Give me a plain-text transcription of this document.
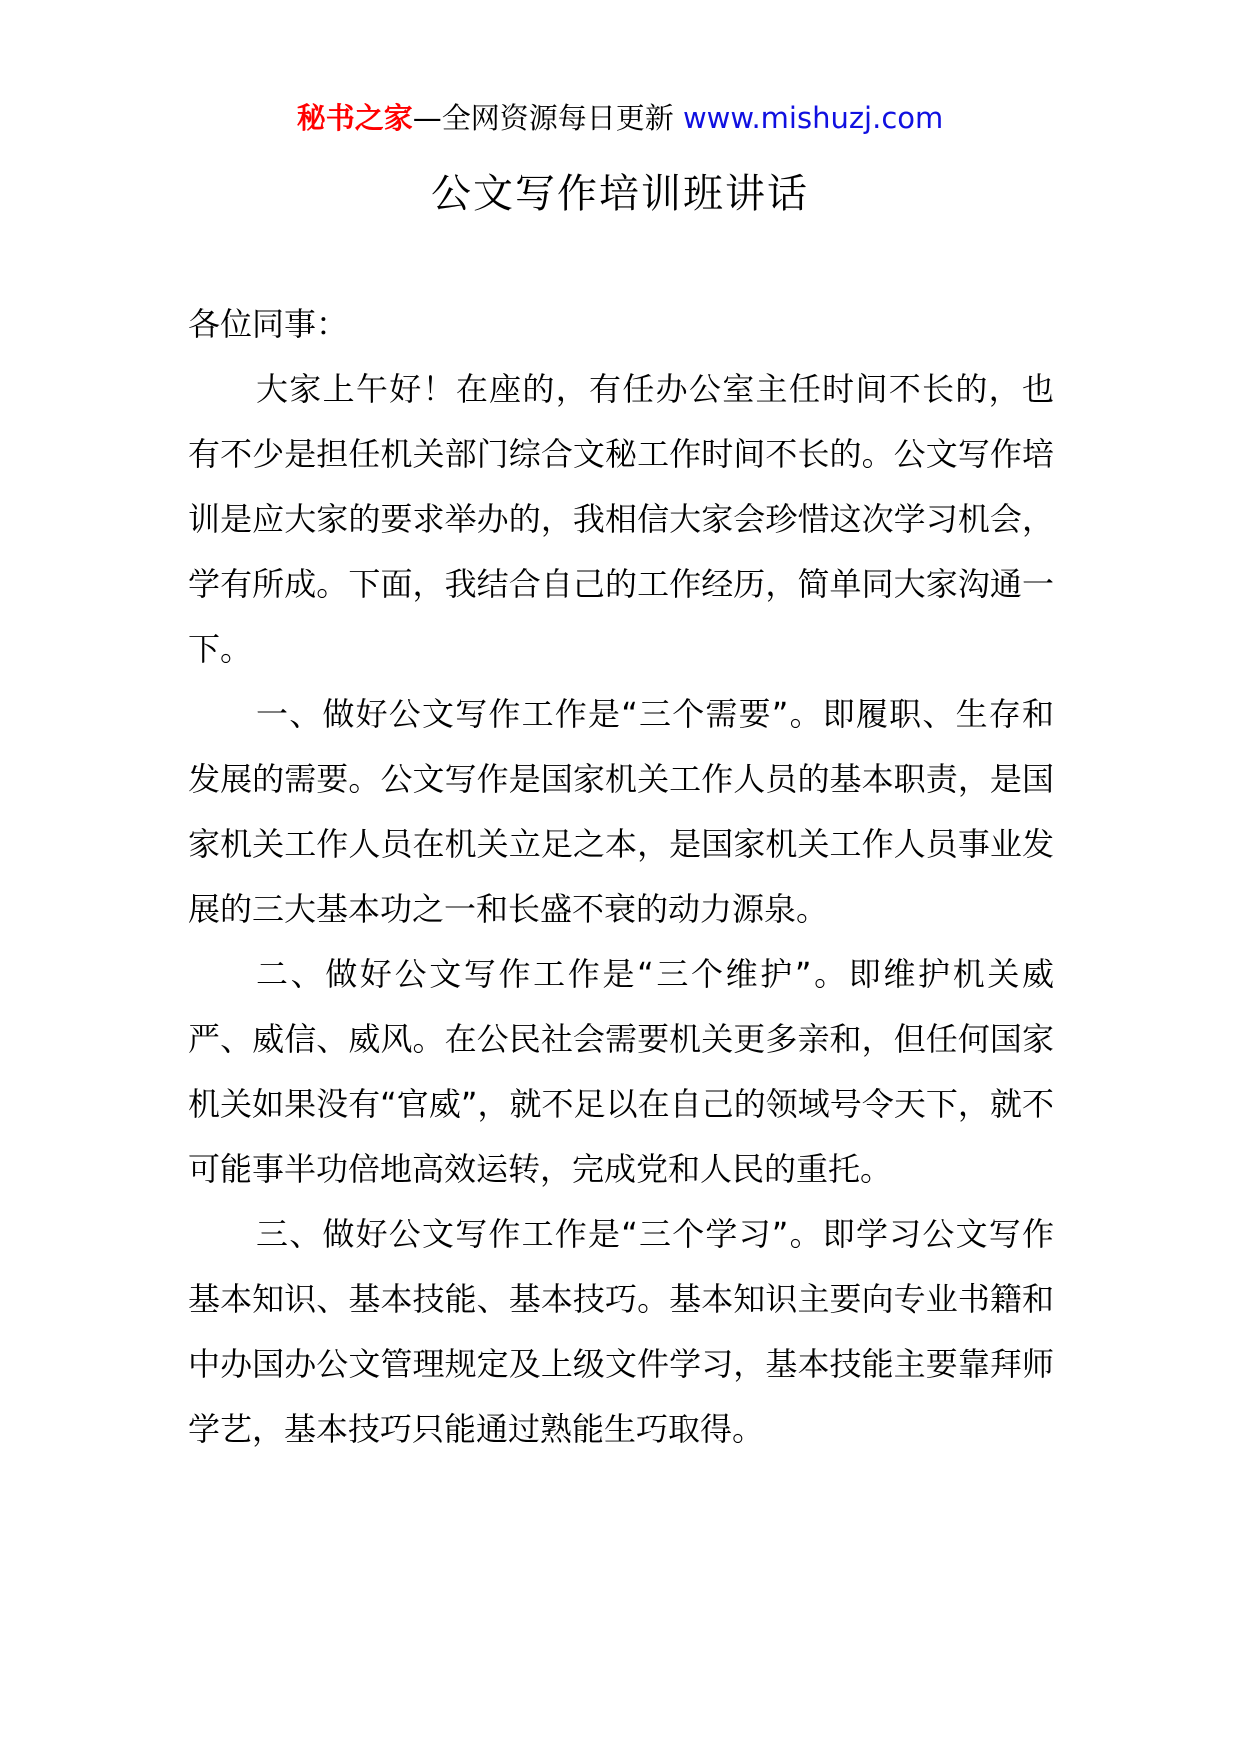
秘书之家—全网资源每日更新 www.mishuzj.com
公文写作培训班讲话

各位同事：

大家上午好！在座的，有任办公室主任时间不长的，也有不少是担任机关部门综合文秘工作时间不长的。公文写作培训是应大家的要求举办的，我相信大家会珍惜这次学习机会，学有所成。下面，我结合自己的工作经历，简单同大家沟通一下。

一、做好公文写作工作是“三个需要”。即履职、生存和发展的需要。公文写作是国家机关工作人员的基本职责，是国家机关工作人员在机关立足之本，是国家机关工作人员事业发展的三大基本功之一和长盛不衰的动力源泉。

二、做好公文写作工作是“三个维护”。即维护机关威严、威信、威风。在公民社会需要机关更多亲和，但任何国家机关如果没有“官威”，就不足以在自己的领域号令天下，就不可能事半功倍地高效运转，完成党和人民的重托。

三、做好公文写作工作是“三个学习”。即学习公文写作基本知识、基本技能、基本技巧。基本知识主要向专业书籍和中办国办公文管理规定及上级文件学习，基本技能主要靠拜师学艺，基本技巧只能通过熟能生巧取得。
